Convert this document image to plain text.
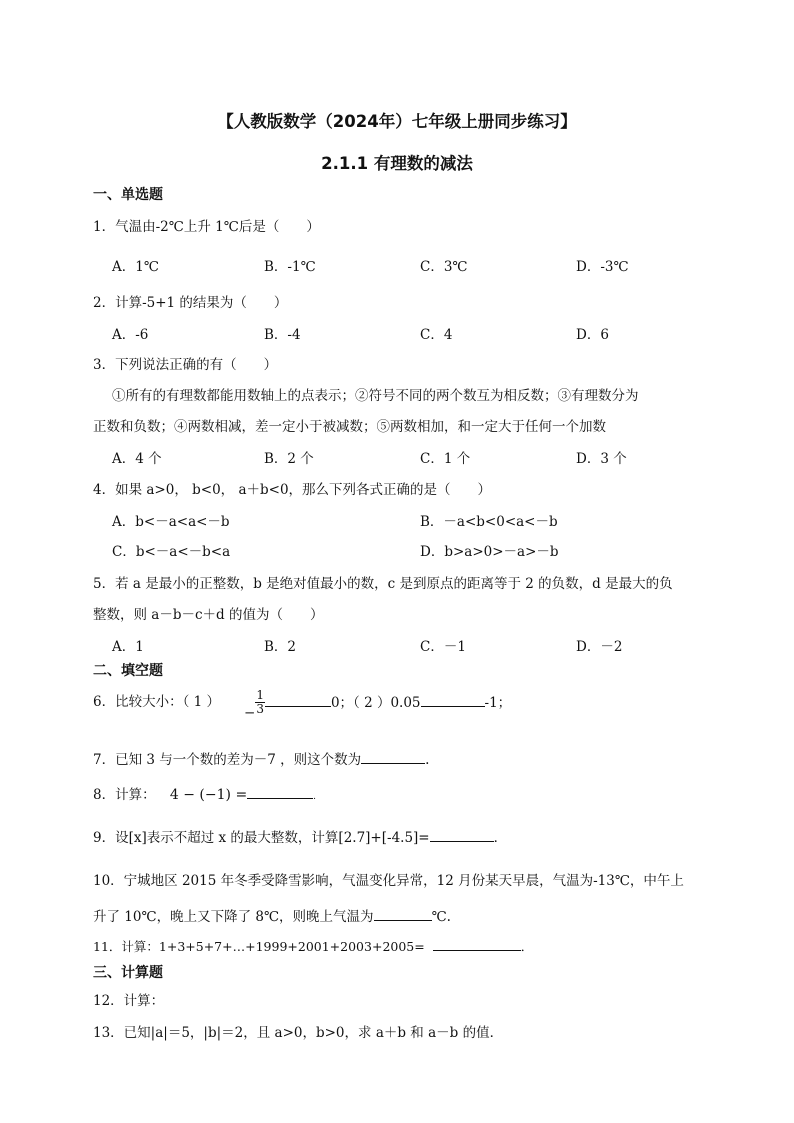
【人教版数学（2024年）七年级上册同步练习】
2.1.1 有理数的减法
一、单选题
1．气温由-2℃上升 1℃后是（　　）
A．1℃	B．-1℃	C．3℃	D．-3℃
2．计算-5+1 的结果为（　　）
A．-6	B．-4	C．4	D．6
3．下列说法正确的有（　　）
①所有的有理数都能用数轴上的点表示；②符号不同的两个数互为相反数；③有理数分为
正数和负数；④两数相减，差一定小于被减数；⑤两数相加，和一定大于任何一个加数
A．4 个	B．2 个	C．1 个	D．3 个
4．如果 a>0， b<0， a＋b<0，那么下列各式正确的是（　　）
A．b<－a<a<－b	B．－a<b<0<a<－b
C．b<－a<－b<a	D．b>a>0>－a>－b
5．若 a 是最小的正整数，b 是绝对值最小的数，c 是到原点的距离等于 2 的负数，d 是最大的负
整数，则 a－b－c＋d 的值为（　　）
A．1	B．2	C．－1	D．－2
二、填空题
6．比较大小：（ 1 ）
− $\frac{1}{3}$	0；（ 2 ）0.05	-1；
7．已知 3 与一个数的差为－7 ，则这个数为	.
8．计算： 4 − (−1) =	.
9．设[x]表示不超过 x 的最大整数，计算[2.7]+[-4.5]=	．
10．宁城地区 2015 年冬季受降雪影响，气温变化异常，12 月份某天早晨，气温为-13℃，中午上
升了 10℃，晚上又下降了 8℃，则晚上气温为	℃.
11．计算：1+3+5+7+…+1999+2001+2003+2005=	．
三、计算题
12．计算：
13．已知|a|＝5，|b|＝2，且 a>0，b>0，求 a＋b 和 a－b 的值．
